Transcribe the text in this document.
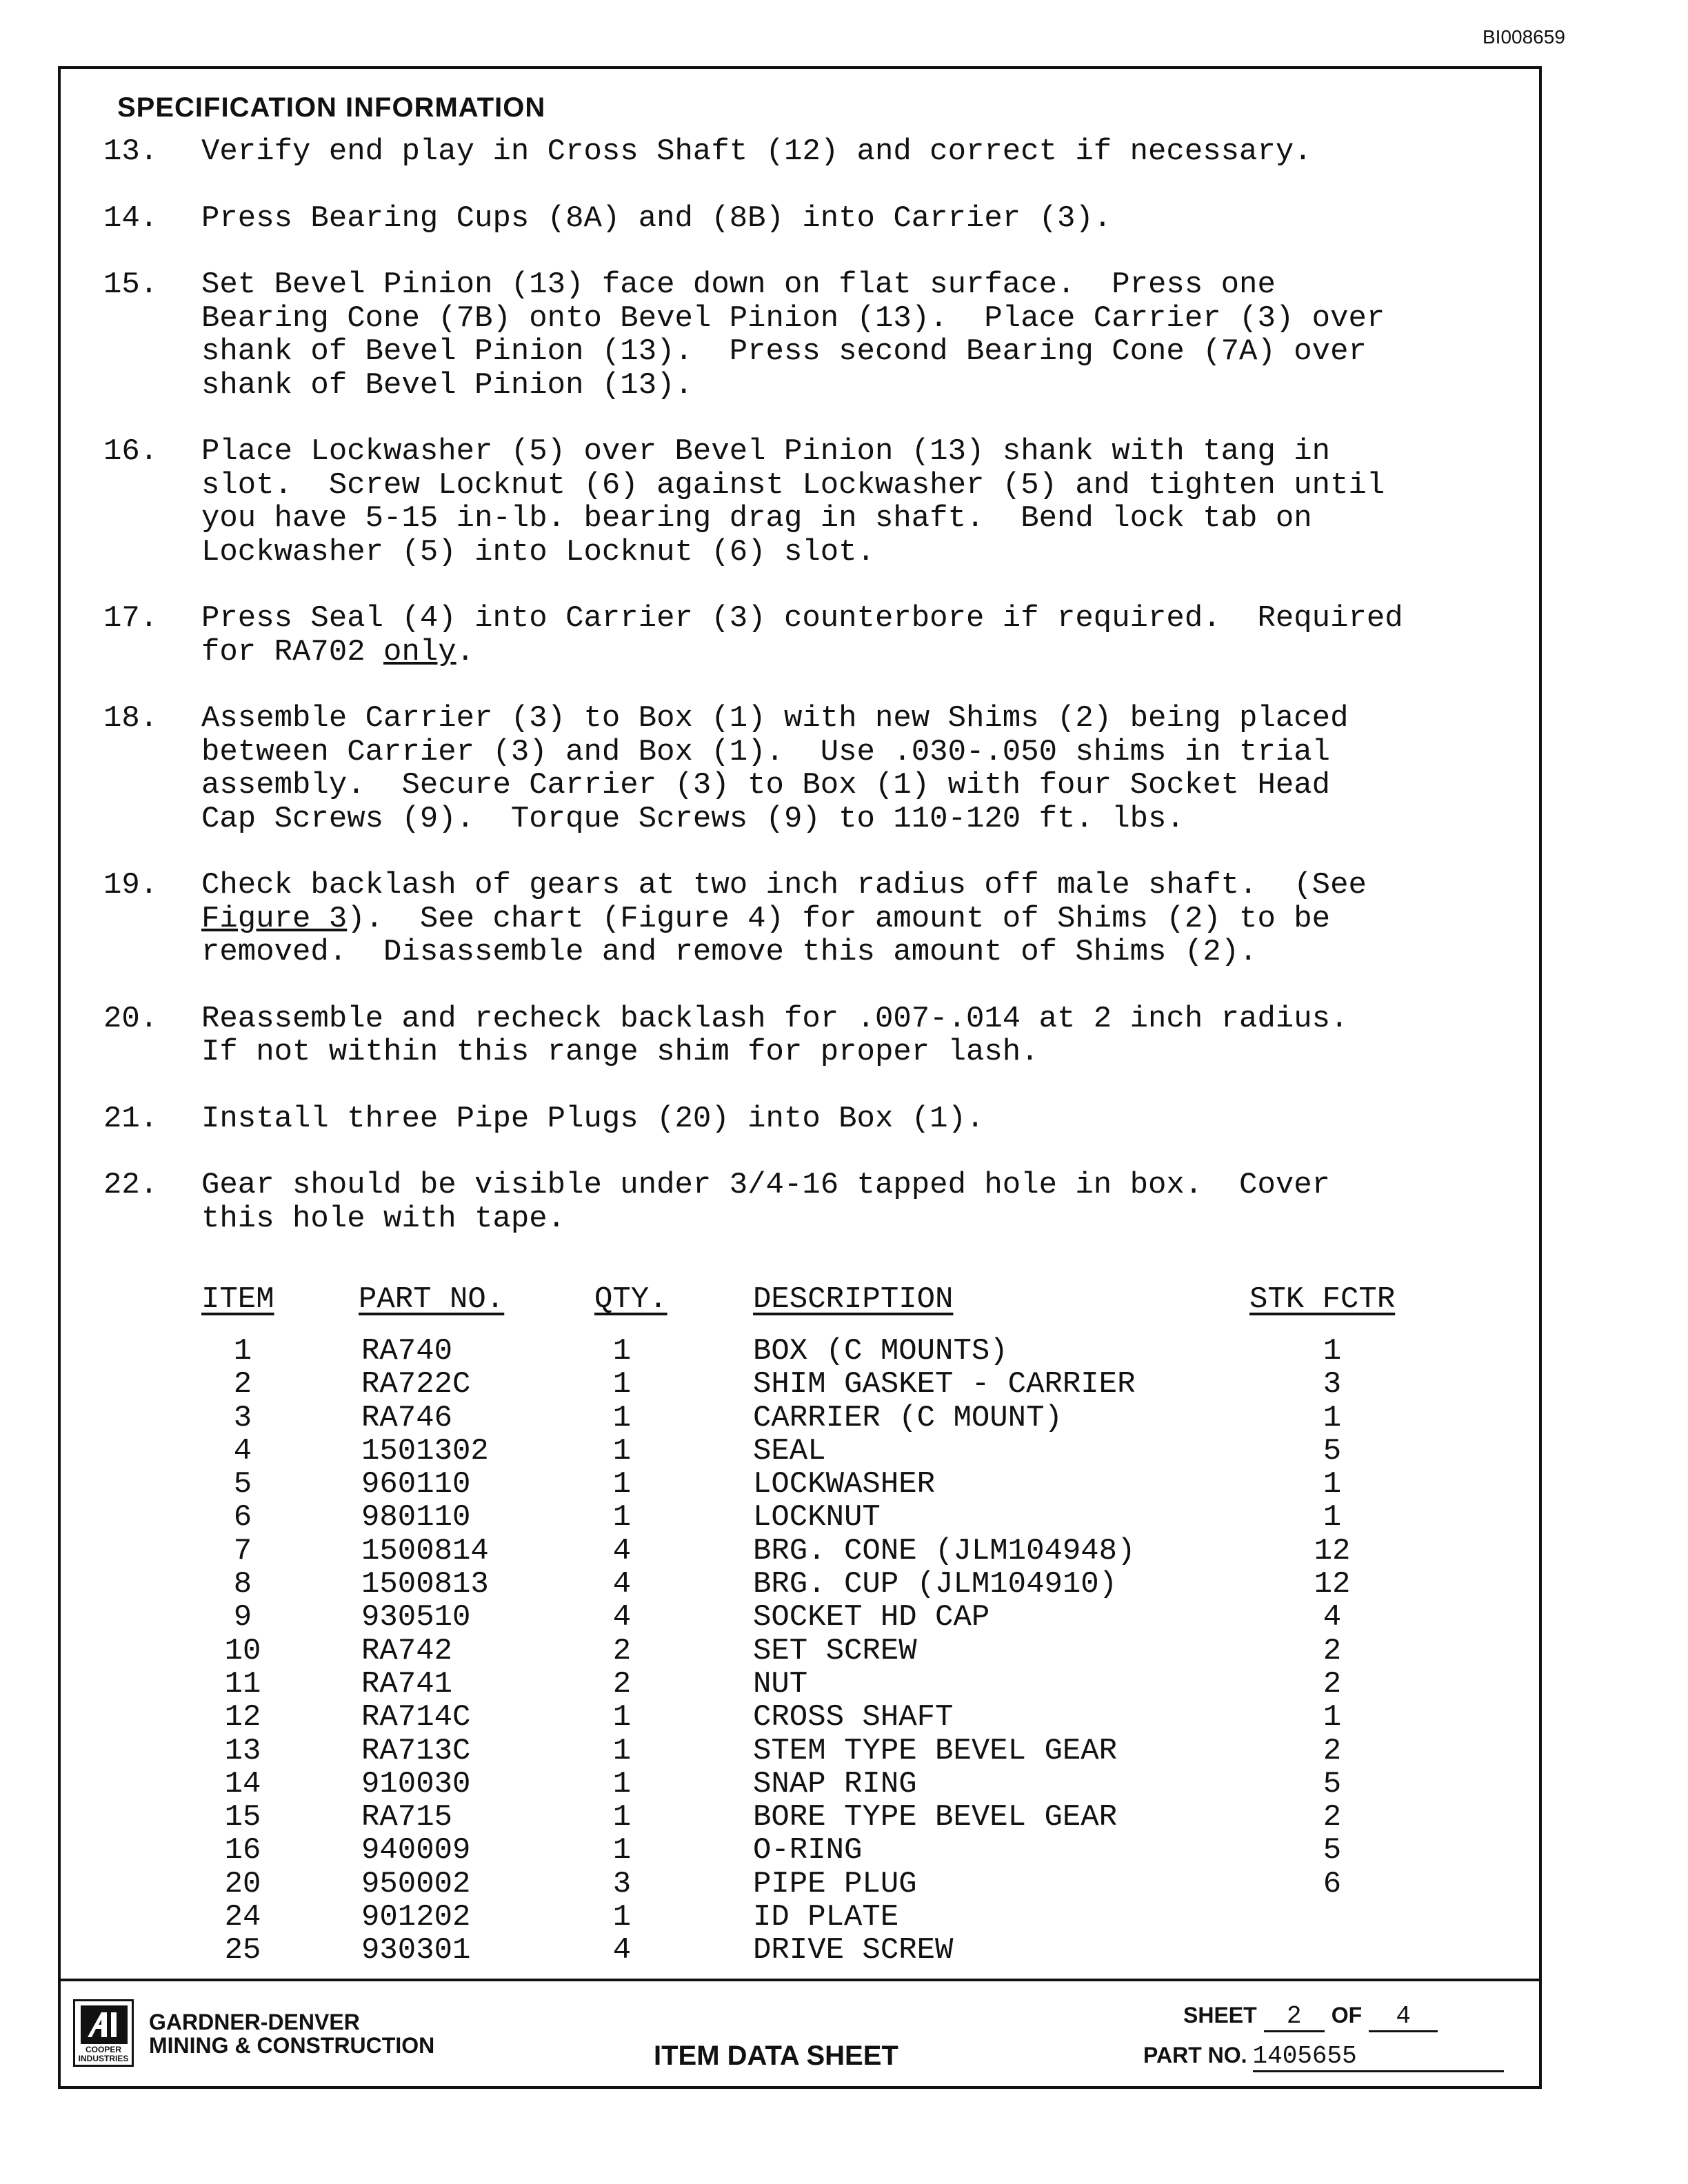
BI008659
SPECIFICATION INFORMATION
13.	Verify end play in Cross Shaft (12) and correct if necessary.
14.	Press Bearing Cups (8A) and (8B) into Carrier (3).
15.	Set Bevel Pinion (13) face down on flat surface.  Press one
Bearing Cone (7B) onto Bevel Pinion (13).  Place Carrier (3) over
shank of Bevel Pinion (13).  Press second Bearing Cone (7A) over
shank of Bevel Pinion (13).
16.	Place Lockwasher (5) over Bevel Pinion (13) shank with tang in
slot.  Screw Locknut (6) against Lockwasher (5) and tighten until
you have 5-15 in-lb. bearing drag in shaft.  Bend lock tab on
Lockwasher (5) into Locknut (6) slot.
17.	Press Seal (4) into Carrier (3) counterbore if required.  Required
for RA702 only.
18.	Assemble Carrier (3) to Box (1) with new Shims (2) being placed
between Carrier (3) and Box (1).  Use .030-.050 shims in trial
assembly.  Secure Carrier (3) to Box (1) with four Socket Head
Cap Screws (9).  Torque Screws (9) to 110-120 ft. lbs.
19.	Check backlash of gears at two inch radius off male shaft.  (See
Figure 3).  See chart (Figure 4) for amount of Shims (2) to be
removed.  Disassemble and remove this amount of Shims (2).
20.	Reassemble and recheck backlash for .007-.014 at 2 inch radius.
If not within this range shim for proper lash.
21.	Install three Pipe Plugs (20) into Box (1).
22.	Gear should be visible under 3/4-16 tapped hole in box.  Cover
this hole with tape.
ITEM	PART NO.	QTY.	DESCRIPTION	STK FCTR
1	RA740	1	BOX (C MOUNTS)	1
2	RA722C	1	SHIM GASKET - CARRIER	3
3	RA746	1	CARRIER (C MOUNT)	1
4	1501302	1	SEAL	5
5	960110	1	LOCKWASHER	1
6	980110	1	LOCKNUT	1
7	1500814	4	BRG. CONE (JLM104948)	12
8	1500813	4	BRG. CUP (JLM104910)	12
9	930510	4	SOCKET HD CAP	4
10	RA742	2	SET SCREW	2
11	RA741	2	NUT	2
12	RA714C	1	CROSS SHAFT	1
13	RA713C	1	STEM TYPE BEVEL GEAR	2
14	910030	1	SNAP RING	5
15	RA715	1	BORE TYPE BEVEL GEAR	2
16	940009	1	O-RING	5
20	950002	3	PIPE PLUG	6
24	901202	1	ID PLATE
25	930301	4	DRIVE SCREW
COOPER INDUSTRIES
GARDNER-DENVER
MINING & CONSTRUCTION	ITEM DATA SHEET
SHEET	2	OF	4
PART NO. 1405655
